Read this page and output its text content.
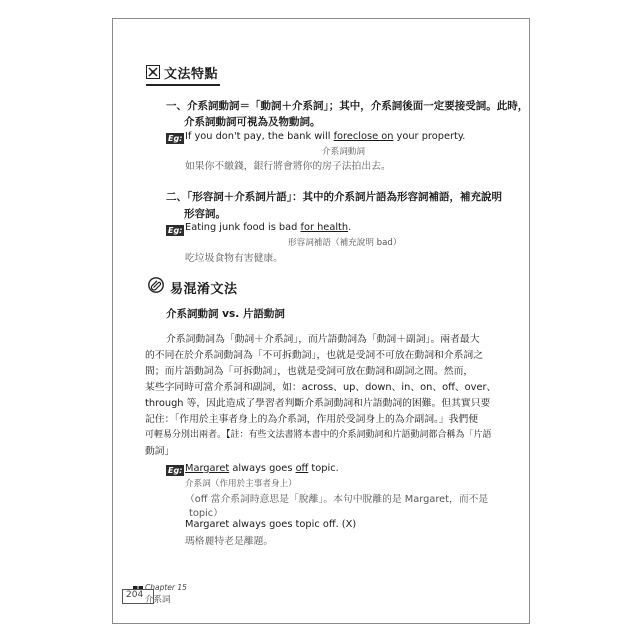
文法特點
一、介系詞動詞＝「動詞＋介系詞」；其中，介系詞後面一定要接受詞。此時，
介系詞動詞可視為及物動詞。
Eg: If you don't pay, the bank will foreclose on your property.
介系詞動詞
如果你不繳錢，銀行將會將你的房子法拍出去。
二、「形容詞＋介系詞片語」：其中的介系詞片語為形容詞補語，補充說明
形容詞。
Eg: Eating junk food is bad for health.
形容詞補語（補充說明 bad）
吃垃圾食物有害健康。
易混淆文法
介系詞動詞 vs. 片語動詞
介系詞動詞為「動詞＋介系詞」，而片語動詞為「動詞＋副詞」。兩者最大
的不同在於介系詞動詞為「不可拆動詞」，也就是受詞不可放在動詞和介系詞之
間；而片語動詞為「可拆動詞」，也就是受詞可放在動詞和副詞之間。然而，
某些字同時可當介系詞和副詞，如：across、up、down、in、on、off、over、
through 等，因此造成了學習者判斷介系詞動詞和片語動詞的困難。但其實只要
記住：「作用於主事者身上的為介系詞，作用於受詞身上的為介副詞。」我們便
可輕易分別出兩者。【註：有些文法書將本書中的介系詞動詞和片語動詞都合稱為「片語
動詞」
Eg: Margaret always goes off topic.
介系詞（作用於主事者身上）
（off 當介系詞時意思是「脫離」。本句中脫離的是 Margaret，而不是
topic）
Margaret always goes topic off. (X)
瑪格麗特老是離題。
204
Chapter 15
介系詞
